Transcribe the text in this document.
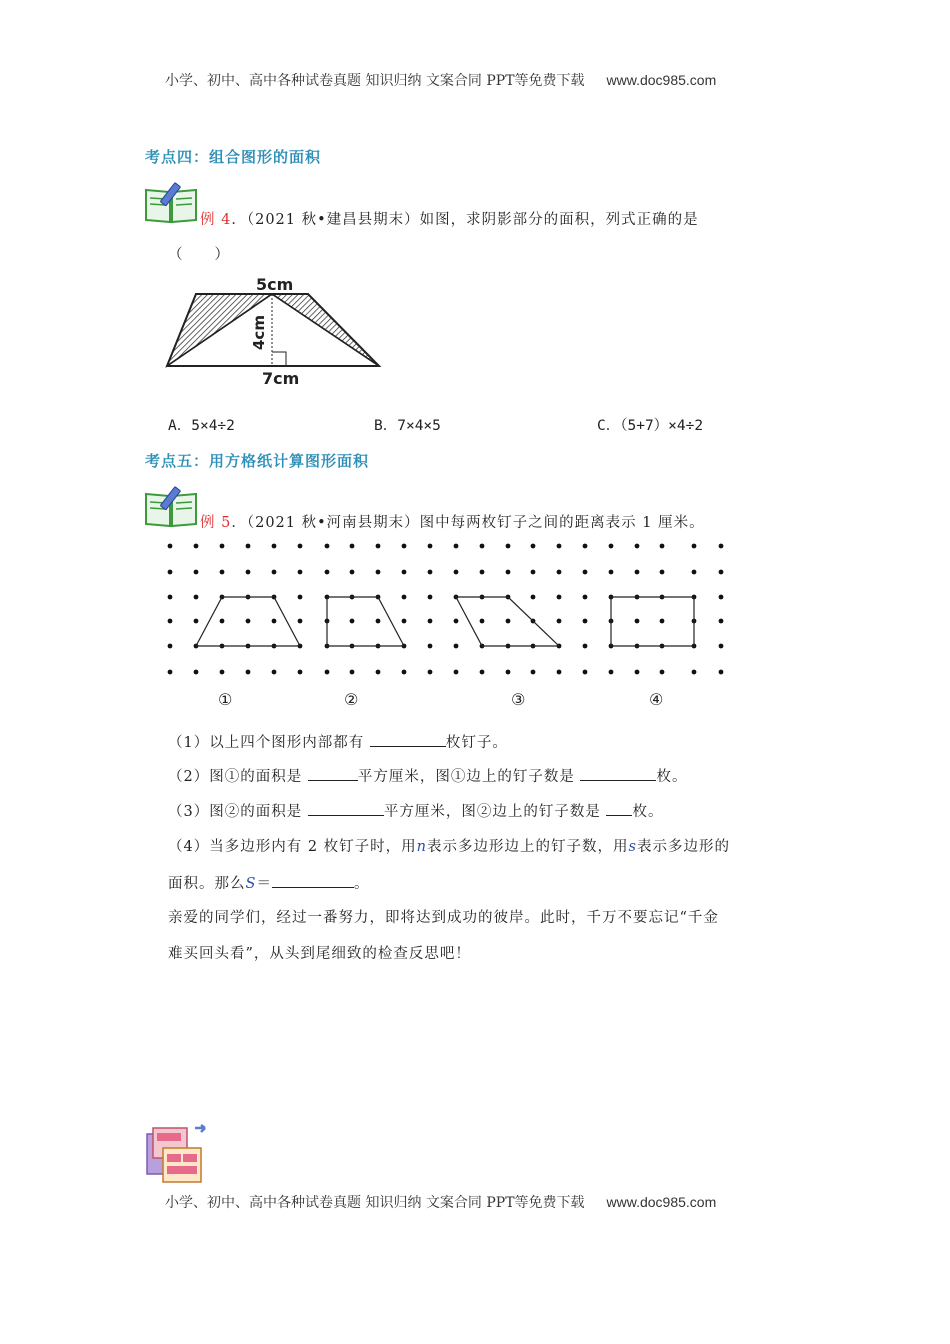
小学、初中、高中各种试卷真题 知识归纳 文案合同 PPT等免费下载 www.doc985.com
考点四：组合图形的面积
例 4．（2021 秋•建昌县期末）如图，求阴影部分的面积，列式正确的是
（　　）
5cm
4cm
7cm
A．5×4÷2	B．7×4×5	C．（5+7）×4÷2
考点五：用方格纸计算图形面积
例 5．（2021 秋•河南县期末）图中每两枚钉子之间的距离表示 1 厘米。
①	②	③	④
（1）以上四个图形内部都有	枚钉子。
（2）图①的面积是	平方厘米，图①边上的钉子数是	枚。
（3）图②的面积是	平方厘米，图②边上的钉子数是 枚。
（4）当多边形内有 2 枚钉子时，用n表示多边形边上的钉子数，用s表示多边形的
面积。那么S＝	。
亲爱的同学们，经过一番努力，即将达到成功的彼岸。此时，千万不要忘记“千金
难买回头看”，从头到尾细致的检查反思吧！
小学、初中、高中各种试卷真题 知识归纳 文案合同 PPT等免费下载 www.doc985.com
